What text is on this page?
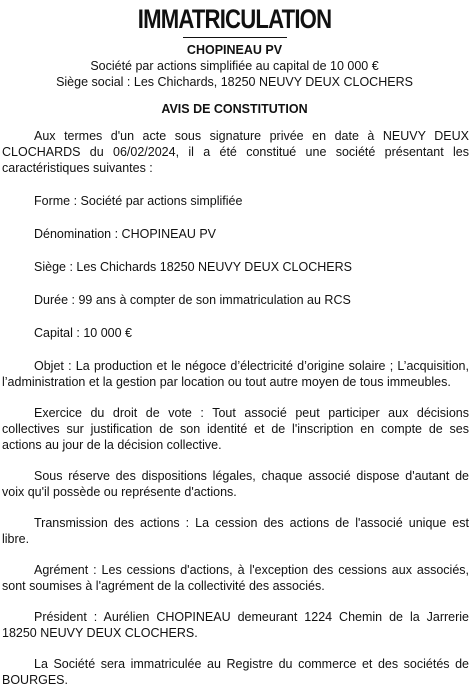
IMMATRICULATION
CHOPINEAU PV
Société par actions simplifiée au capital de 10 000 €
Siège social : Les Chichards, 18250 NEUVY DEUX CLOCHERS
AVIS DE CONSTITUTION

Aux termes d'un acte sous signature privée en date à NEUVY DEUX CLOCHARDS du 06/02/2024, il a été constitué une société présentant les caractéristiques suivantes :

Forme : Société par actions simplifiée

Dénomination : CHOPINEAU PV

Siège : Les Chichards 18250 NEUVY DEUX CLOCHERS

Durée : 99 ans à compter de son immatriculation au RCS

Capital : 10 000 €

Objet : La production et le négoce d’électricité d’origine solaire ; L’acquisition, l’administration et la gestion par location ou tout autre moyen de tous immeubles.

Exercice du droit de vote : Tout associé peut participer aux décisions collectives sur justification de son identité et de l'inscription en compte de ses actions au jour de la décision collective.

Sous réserve des dispositions légales, chaque associé dispose d'autant de voix qu'il possède ou représente d'actions.

Transmission des actions : La cession des actions de l'associé unique est libre.

Agrément : Les cessions d'actions, à l'exception des cessions aux associés, sont soumises à l'agrément de la collectivité des associés.

Président : Aurélien CHOPINEAU demeurant 1224 Chemin de la Jarrerie 18250 NEUVY DEUX CLOCHERS.

La Société sera immatriculée au Registre du commerce et des sociétés de BOURGES.
